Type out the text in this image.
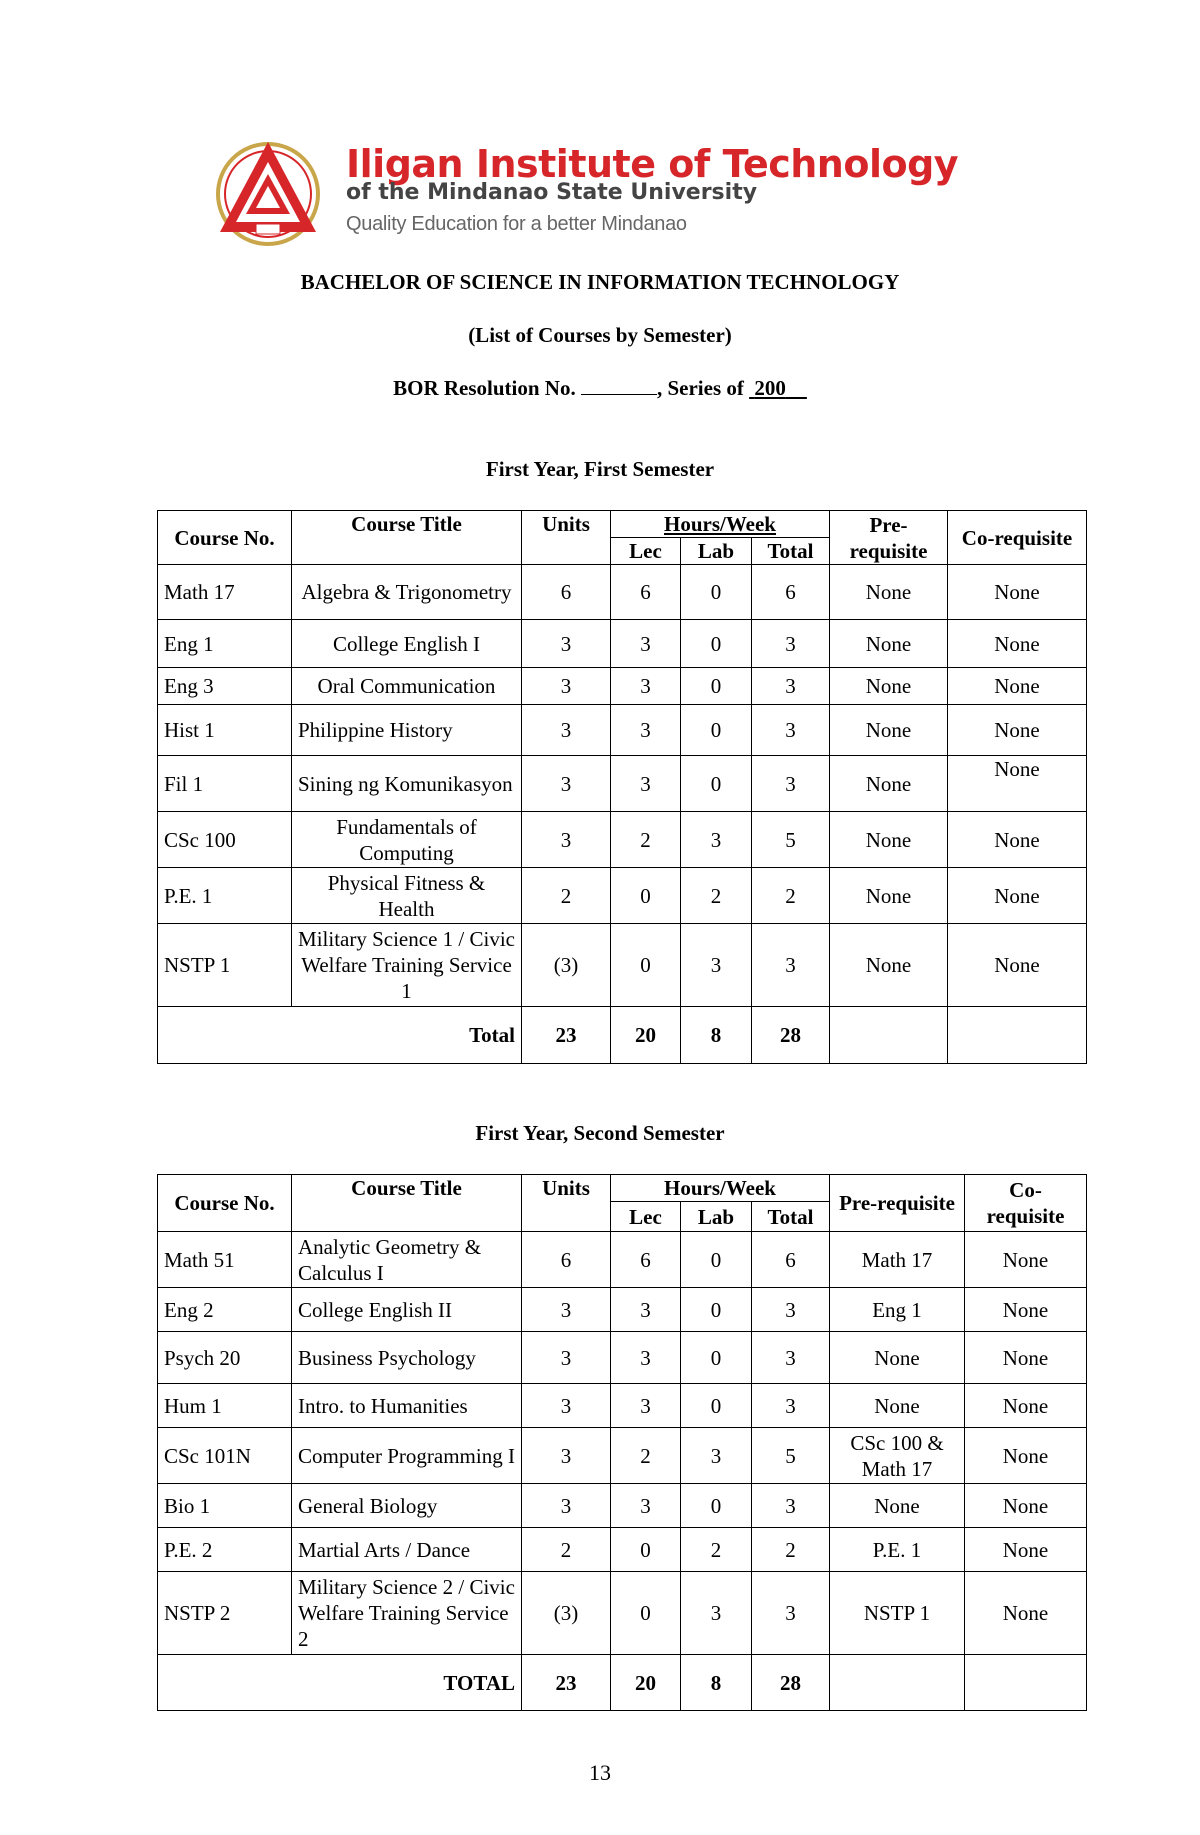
Iligan Institute of Technology
of the Mindanao State University
Quality Education for a better Mindanao
BACHELOR OF SCIENCE IN INFORMATION TECHNOLOGY
(List of Courses by Semester)
BOR Resolution No.	, Series of 200
First Year, First Semester
Course No.	Course Title	Units	Hours/Week			Pre-requisite	Co-requisite
			Lec	Lab	Total		
Math 17	Algebra & Trigonometry	6	6	0	6	None	None
Eng 1	College English I	3	3	0	3	None	None
Eng 3	Oral Communication	3	3	0	3	None	None
Hist 1	Philippine History	3	3	0	3	None	None
Fil 1	Sining ng Komunikasyon	3	3	0	3	None	None
CSc 100	Fundamentals of Computing	3	2	3	5	None	None
P.E. 1	Physical Fitness & Health	2	0	2	2	None	None
NSTP 1	Military Science 1 / Civic Welfare Training Service 1	(3)	0	3	3	None	None
Total		23	20	8	28		
First Year, Second Semester
Course No.	Course Title	Units	Hours/Week			Pre-requisite	Co-requisite
			Lec	Lab	Total		
Math 51	Analytic Geometry & Calculus I	6	6	0	6	Math 17	None
Eng 2	College English II	3	3	0	3	Eng 1	None
Psych 20	Business Psychology	3	3	0	3	None	None
Hum 1	Intro. to Humanities	3	3	0	3	None	None
CSc 101N	Computer Programming I	3	2	3	5	CSc 100 & Math 17	None
Bio 1	General Biology	3	3	0	3	None	None
P.E. 2	Martial Arts / Dance	2	0	2	2	P.E. 1	None
NSTP 2	Military Science 2 / Civic Welfare Training Service 2	(3)	0	3	3	NSTP 1	None
TOTAL		23	20	8	28		
13
